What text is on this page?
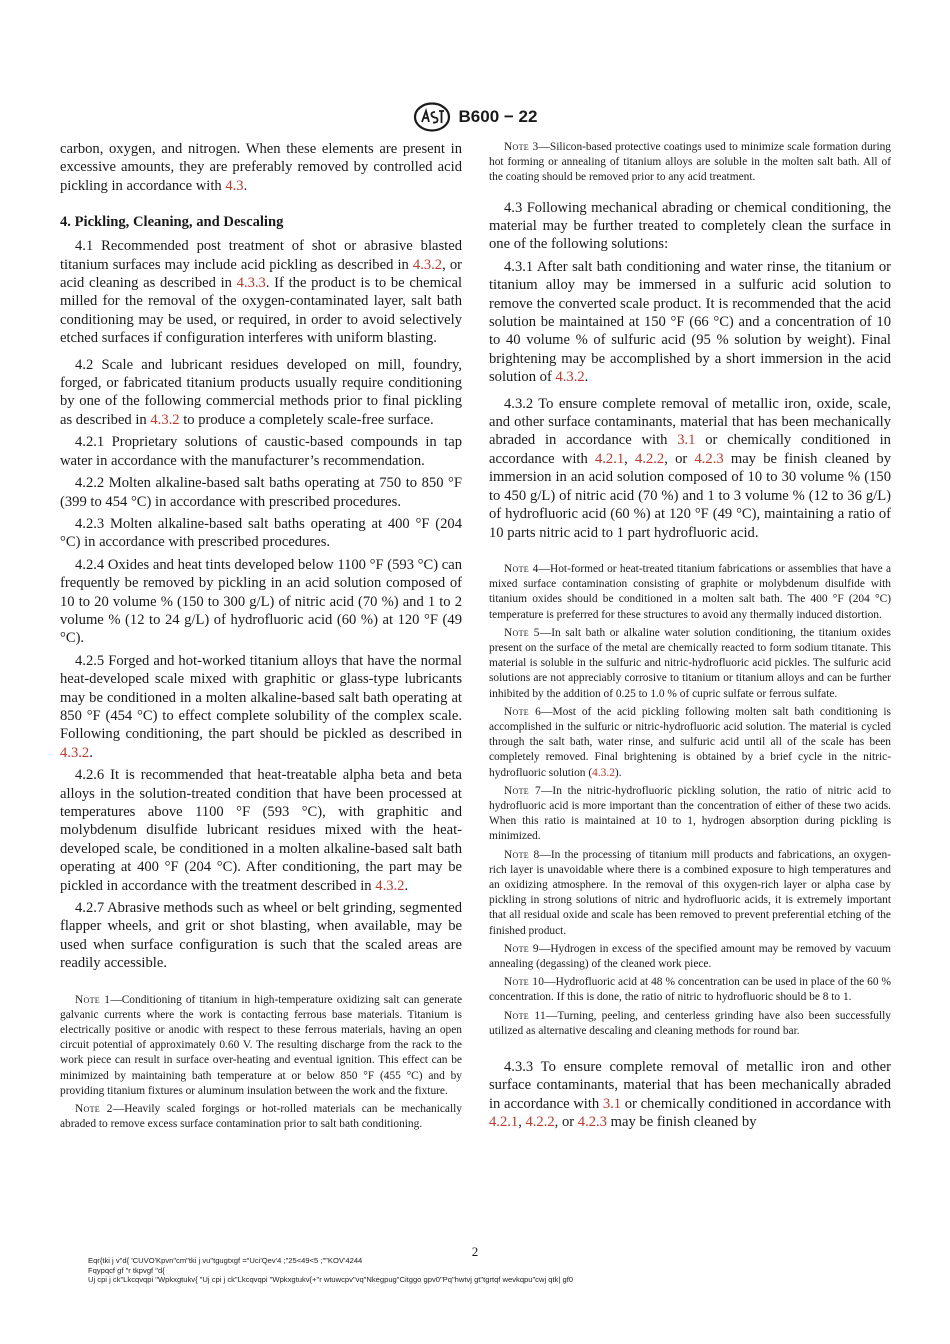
B600 − 22

carbon, oxygen, and nitrogen. When these elements are present in excessive amounts, they are preferably removed by controlled acid pickling in accordance with 4.3.

4. Pickling, Cleaning, and Descaling

4.1 Recommended post treatment of shot or abrasive blasted titanium surfaces may include acid pickling as described in 4.3.2, or acid cleaning as described in 4.3.3. If the product is to be chemical milled for the removal of the oxygen-contaminated layer, salt bath conditioning may be used, or required, in order to avoid selectively etched surfaces if configuration interferes with uniform blasting.

4.2 Scale and lubricant residues developed on mill, foundry, forged, or fabricated titanium products usually require conditioning by one of the following commercial methods prior to final pickling as described in 4.3.2 to produce a completely scale-free surface.

4.2.1 Proprietary solutions of caustic-based compounds in tap water in accordance with the manufacturer’s recommendation.

4.2.2 Molten alkaline-based salt baths operating at 750 to 850 °F (399 to 454 °C) in accordance with prescribed procedures.

4.2.3 Molten alkaline-based salt baths operating at 400 °F (204 °C) in accordance with prescribed procedures.

4.2.4 Oxides and heat tints developed below 1100 °F (593 °C) can frequently be removed by pickling in an acid solution composed of 10 to 20 volume % (150 to 300 g/L) of nitric acid (70 %) and 1 to 2 volume % (12 to 24 g/L) of hydrofluoric acid (60 %) at 120 °F (49 °C).

4.2.5 Forged and hot-worked titanium alloys that have the normal heat-developed scale mixed with graphitic or glass-type lubricants may be conditioned in a molten alkaline-based salt bath operating at 850 °F (454 °C) to effect complete solubility of the complex scale. Following conditioning, the part should be pickled as described in 4.3.2.

4.2.6 It is recommended that heat-treatable alpha beta and beta alloys in the solution-treated condition that have been processed at temperatures above 1100 °F (593 °C), with graphitic and molybdenum disulfide lubricant residues mixed with the heat-developed scale, be conditioned in a molten alkaline-based salt bath operating at 400 °F (204 °C). After conditioning, the part may be pickled in accordance with the treatment described in 4.3.2.

4.2.7 Abrasive methods such as wheel or belt grinding, segmented flapper wheels, and grit or shot blasting, when available, may be used when surface configuration is such that the scaled areas are readily accessible.

Note 1—Conditioning of titanium in high-temperature oxidizing salt can generate galvanic currents where the work is contacting ferrous base materials. Titanium is electrically positive or anodic with respect to these ferrous materials, having an open circuit potential of approximately 0.60 V. The resulting discharge from the rack to the work piece can result in surface over-heating and eventual ignition. This effect can be minimized by maintaining bath temperature at or below 850 °F (455 °C) and by providing titanium fixtures or aluminum insulation between the work and the fixture.

Note 2—Heavily scaled forgings or hot-rolled materials can be mechanically abraded to remove excess surface contamination prior to salt bath conditioning.

Note 3—Silicon-based protective coatings used to minimize scale formation during hot forming or annealing of titanium alloys are soluble in the molten salt bath. All of the coating should be removed prior to any acid treatment.

4.3 Following mechanical abrading or chemical conditioning, the material may be further treated to completely clean the surface in one of the following solutions:

4.3.1 After salt bath conditioning and water rinse, the titanium or titanium alloy may be immersed in a sulfuric acid solution to remove the converted scale product. It is recommended that the acid solution be maintained at 150 °F (66 °C) and a concentration of 10 to 40 volume % of sulfuric acid (95 % solution by weight). Final brightening may be accomplished by a short immersion in the acid solution of 4.3.2.

4.3.2 To ensure complete removal of metallic iron, oxide, scale, and other surface contaminants, material that has been mechanically abraded in accordance with 3.1 or chemically conditioned in accordance with 4.2.1, 4.2.2, or 4.2.3 may be finish cleaned by immersion in an acid solution composed of 10 to 30 volume % (150 to 450 g/L) of nitric acid (70 %) and 1 to 3 volume % (12 to 36 g/L) of hydrofluoric acid (60 %) at 120 °F (49 °C), maintaining a ratio of 10 parts nitric acid to 1 part hydrofluoric acid.

Note 4—Hot-formed or heat-treated titanium fabrications or assemblies that have a mixed surface contamination consisting of graphite or molybdenum disulfide with titanium oxides should be conditioned in a molten salt bath. The 400 °F (204 °C) temperature is preferred for these structures to avoid any thermally induced distortion.

Note 5—In salt bath or alkaline water solution conditioning, the titanium oxides present on the surface of the metal are chemically reacted to form sodium titanate. This material is soluble in the sulfuric and nitric-hydrofluoric acid pickles. The sulfuric acid solutions are not appreciably corrosive to titanium or titanium alloys and can be further inhibited by the addition of 0.25 to 1.0 % of cupric sulfate or ferrous sulfate.

Note 6—Most of the acid pickling following molten salt bath conditioning is accomplished in the sulfuric or nitric-hydrofluoric acid solution. The material is cycled through the salt bath, water rinse, and sulfuric acid until all of the scale has been completely removed. Final brightening is obtained by a brief cycle in the nitric-hydrofluoric solution (4.3.2).

Note 7—In the nitric-hydrofluoric pickling solution, the ratio of nitric acid to hydrofluoric acid is more important than the concentration of either of these two acids. When this ratio is maintained at 10 to 1, hydrogen absorption during pickling is minimized.

Note 8—In the processing of titanium mill products and fabrications, an oxygen-rich layer is unavoidable where there is a combined exposure to high temperatures and an oxidizing atmosphere. In the removal of this oxygen-rich layer or alpha case by pickling in strong solutions of nitric and hydrofluoric acids, it is extremely important that all residual oxide and scale has been removed to prevent preferential etching of the finished product.

Note 9—Hydrogen in excess of the specified amount may be removed by vacuum annealing (degassing) of the cleaned work piece.

Note 10—Hydrofluoric acid at 48 % concentration can be used in place of the 60 % concentration. If this is done, the ratio of nitric to hydrofluoric should be 8 to 1.

Note 11—Turning, peeling, and centerless grinding have also been successfully utilized as alternative descaling and cleaning methods for round bar.

4.3.3 To ensure complete removal of metallic iron and other surface contaminants, material that has been mechanically abraded in accordance with 3.1 or chemically conditioned in accordance with 4.2.1, 4.2.2, or 4.2.3 may be finish cleaned by

2
Eqr{tki j v"d{ 'CUVO'Kpvn"cm"tki j vu"tgugtxgf ="Uci'Qev'4 ;"25<49<5 ;""KOV'4244
Fqypqcf gf "r tkpvgf "d{
Uj cpi j ck"Lkcqvqpi "Wpkxgtukv{ "Uj cpi j ck"Lkcqvqpi "Wpkxgtukv{+"r wtuwcpv"vq"Nkegpug"Citggo gpv0"Pq"hwtvj gt"tgrtqf wevkqpu"cwj qtk| gf0
